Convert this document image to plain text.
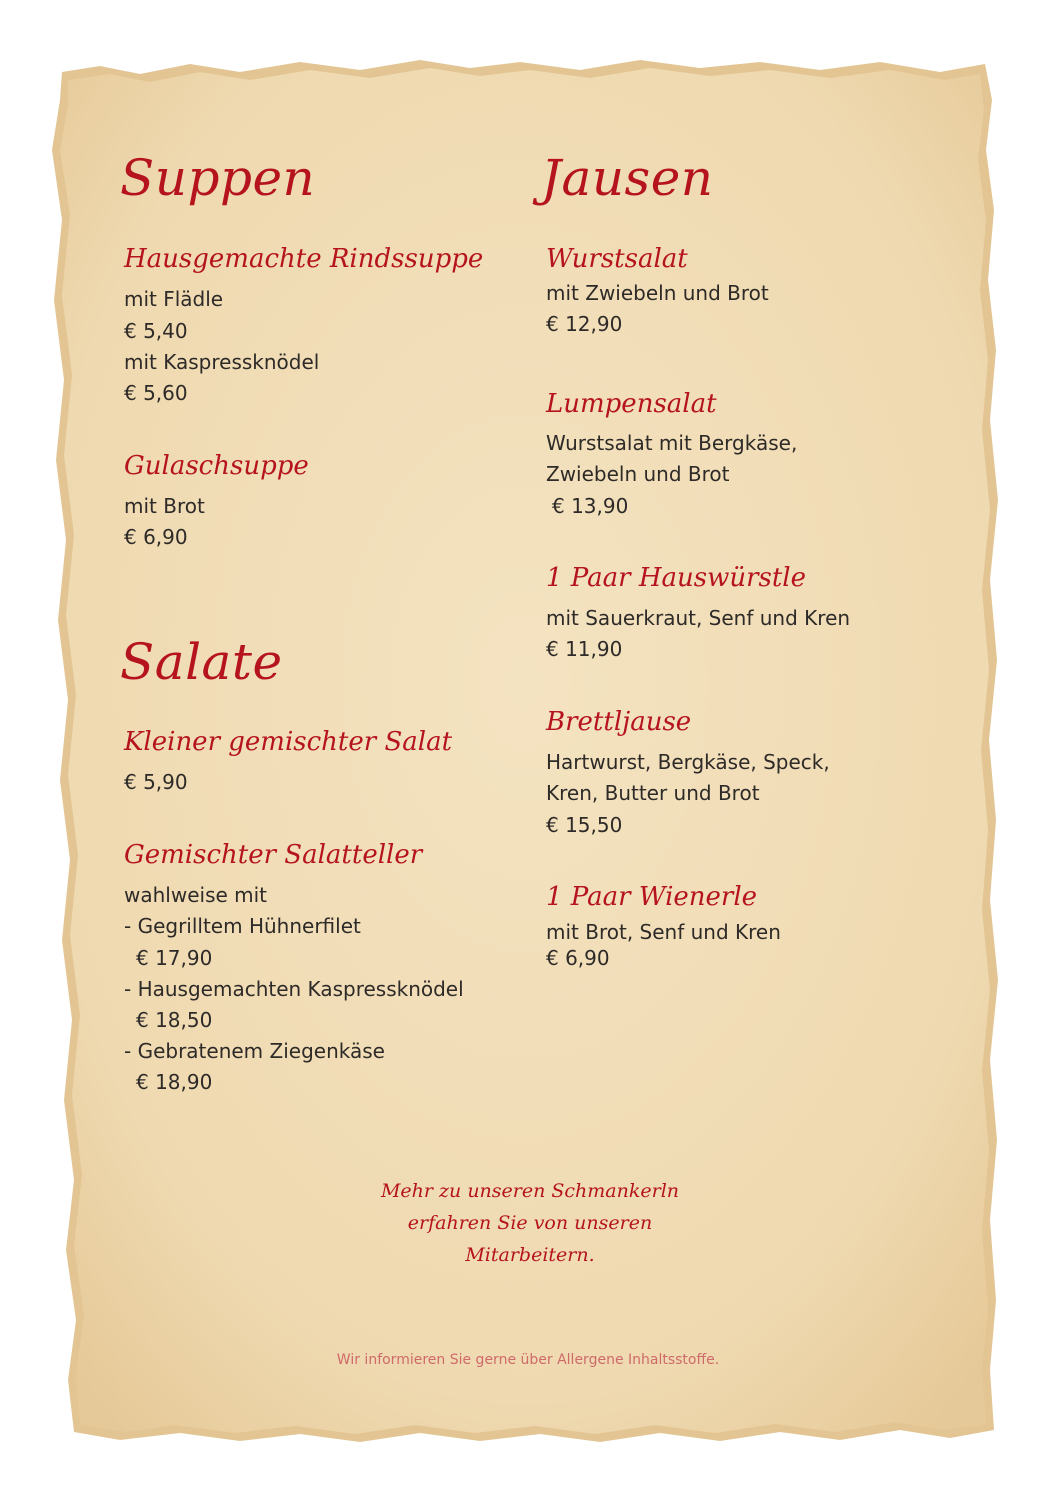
Suppen
Hausgemachte Rindssuppe
mit Flädle
€ 5,40
mit Kaspressknödel
€ 5,60
Gulaschsuppe
mit Brot
€ 6,90
Salate
Kleiner gemischter Salat
€ 5,90
Gemischter Salatteller
wahlweise mit
- Gegrilltem Hühnerfilet
€ 17,90
- Hausgemachten Kaspressknödel
€ 18,50
- Gebratenem Ziegenkäse
€ 18,90
Jausen
Wurstsalat
mit Zwiebeln und Brot
€ 12,90
Lumpensalat
Wurstsalat mit Bergkäse,
Zwiebeln und Brot
€ 13,90
1 Paar Hauswürstle
mit Sauerkraut, Senf und Kren
€ 11,90
Brettljause
Hartwurst, Bergkäse, Speck,
Kren, Butter und Brot
€ 15,50
1 Paar Wienerle
mit Brot, Senf und Kren
€ 6,90
Mehr zu unseren Schmankerln
erfahren Sie von unseren
Mitarbeitern.
Wir informieren Sie gerne über Allergene Inhaltsstoffe.
